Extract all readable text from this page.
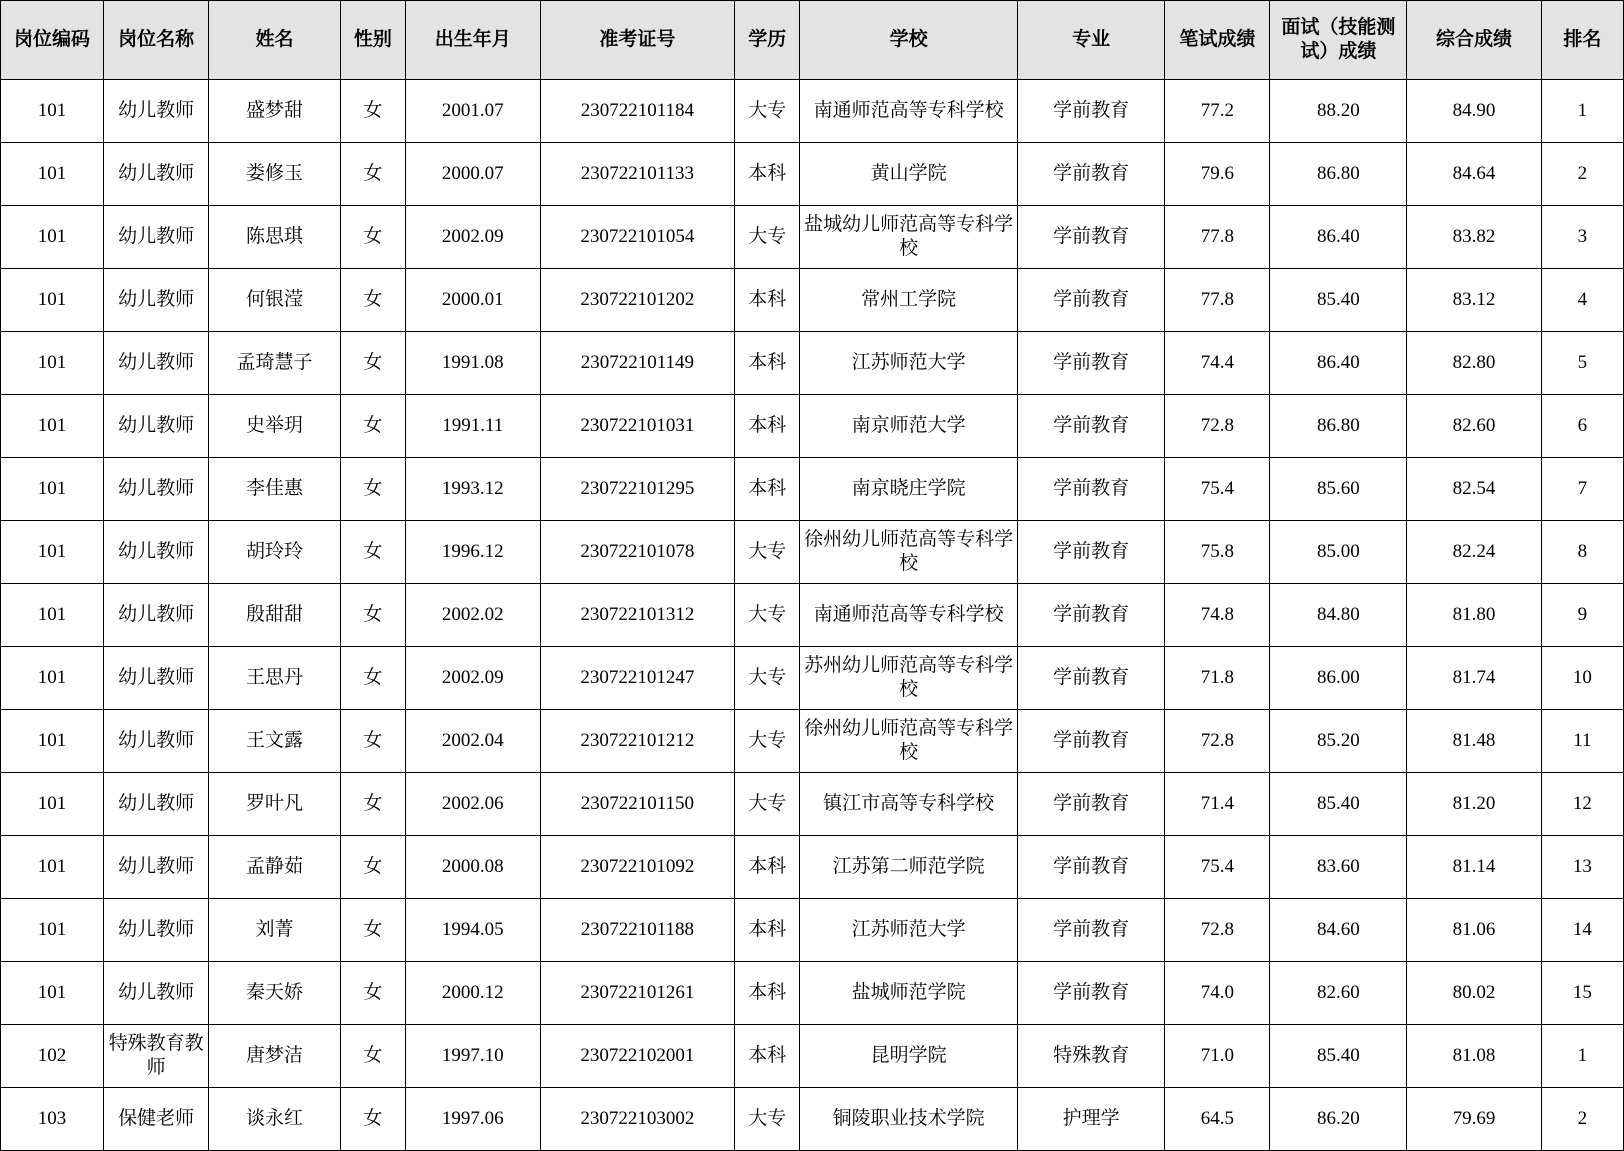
岗位编码	岗位名称	姓名	性别	出生年月	准考证号	学历	学校	专业	笔试成绩	面试（技能测试）成绩	综合成绩	排名
101	幼儿教师	盛梦甜	女	2001.07	230722101184	大专	南通师范高等专科学校	学前教育	77.2	88.20	84.90	1
101	幼儿教师	娄修玉	女	2000.07	230722101133	本科	黄山学院	学前教育	79.6	86.80	84.64	2
101	幼儿教师	陈思琪	女	2002.09	230722101054	大专	盐城幼儿师范高等专科学校	学前教育	77.8	86.40	83.82	3
101	幼儿教师	何银滢	女	2000.01	230722101202	本科	常州工学院	学前教育	77.8	85.40	83.12	4
101	幼儿教师	孟琦慧子	女	1991.08	230722101149	本科	江苏师范大学	学前教育	74.4	86.40	82.80	5
101	幼儿教师	史举玥	女	1991.11	230722101031	本科	南京师范大学	学前教育	72.8	86.80	82.60	6
101	幼儿教师	李佳惠	女	1993.12	230722101295	本科	南京晓庄学院	学前教育	75.4	85.60	82.54	7
101	幼儿教师	胡玲玲	女	1996.12	230722101078	大专	徐州幼儿师范高等专科学校	学前教育	75.8	85.00	82.24	8
101	幼儿教师	殷甜甜	女	2002.02	230722101312	大专	南通师范高等专科学校	学前教育	74.8	84.80	81.80	9
101	幼儿教师	王思丹	女	2002.09	230722101247	大专	苏州幼儿师范高等专科学校	学前教育	71.8	86.00	81.74	10
101	幼儿教师	王文露	女	2002.04	230722101212	大专	徐州幼儿师范高等专科学校	学前教育	72.8	85.20	81.48	11
101	幼儿教师	罗叶凡	女	2002.06	230722101150	大专	镇江市高等专科学校	学前教育	71.4	85.40	81.20	12
101	幼儿教师	孟静茹	女	2000.08	230722101092	本科	江苏第二师范学院	学前教育	75.4	83.60	81.14	13
101	幼儿教师	刘菁	女	1994.05	230722101188	本科	江苏师范大学	学前教育	72.8	84.60	81.06	14
101	幼儿教师	秦天娇	女	2000.12	230722101261	本科	盐城师范学院	学前教育	74.0	82.60	80.02	15
102	特殊教育教师	唐梦洁	女	1997.10	230722102001	本科	昆明学院	特殊教育	71.0	85.40	81.08	1
103	保健老师	谈永红	女	1997.06	230722103002	大专	铜陵职业技术学院	护理学	64.5	86.20	79.69	2
